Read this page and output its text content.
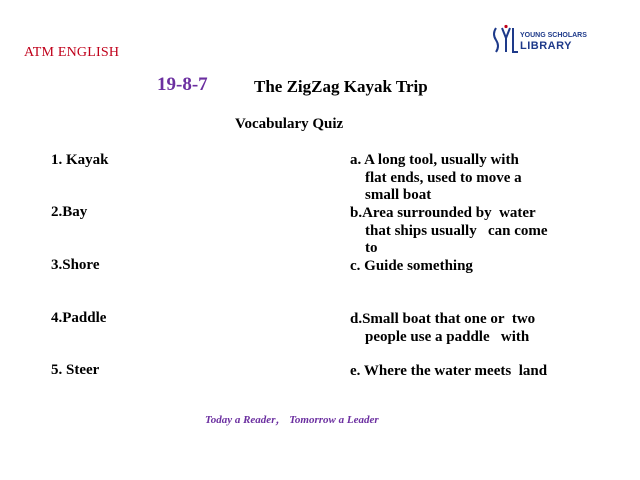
ATM ENGLISH
YOUNG SCHOLARS
LIBRARY
19-8-7	The ZigZag Kayak Trip
Vocabulary Quiz
1. Kayak
2.Bay
3.Shore
4.Paddle
5. Steer
a. A long tool, usually with
flat ends, used to move a
small boat
b.Area surrounded by  water
that ships usually   can come
to
c. Guide something
d.Small boat that one or  two
people use a paddle   with
e. Where the water meets  land
Today a Reader， Tomorrow a Leader
